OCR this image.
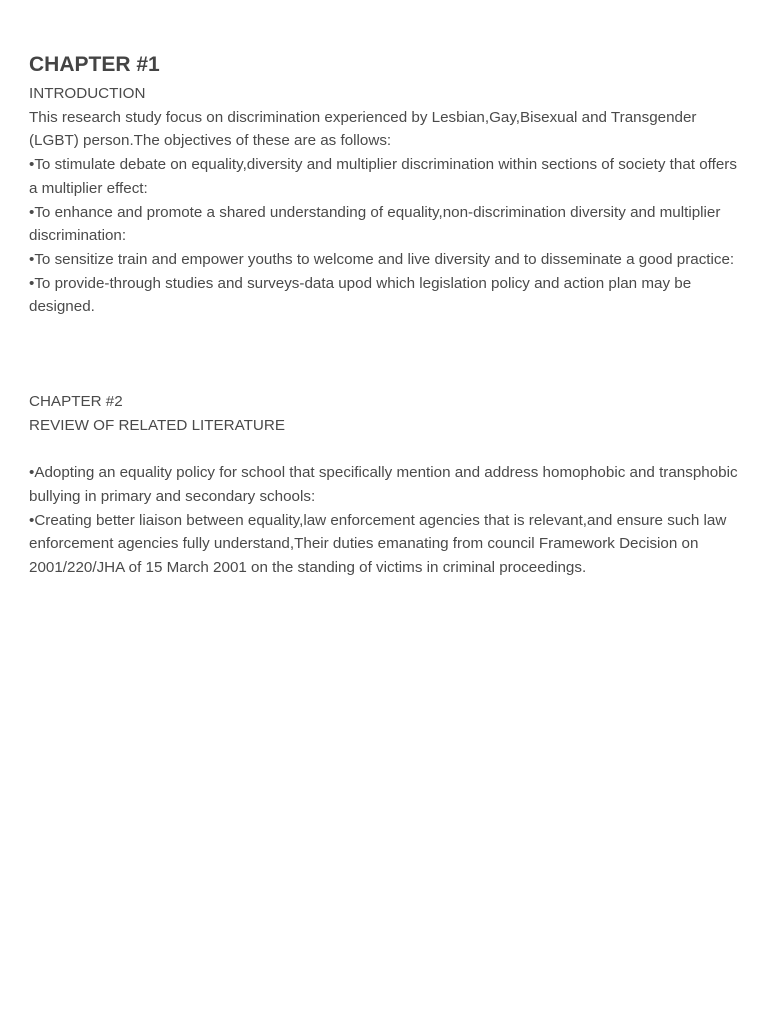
CHAPTER #1

INTRODUCTION

This research study focus on discrimination experienced by Lesbian,Gay,Bisexual and Transgender (LGBT) person.The objectives of these are as follows:

•To stimulate debate on equality,diversity and multiplier discrimination within sections of society that offers a multiplier effect:

•To enhance and promote a shared understanding of equality,non-discrimination diversity and multiplier discrimination:

•To sensitize train and empower youths to welcome and live diversity and to disseminate a good practice:

•To provide-through studies and surveys-data upod which legislation policy and action plan may be designed.

CHAPTER #2

REVIEW OF RELATED LITERATURE

•Adopting an equality policy for school that specifically mention and address homophobic and transphobic bullying in primary and secondary schools:

•Creating better liaison between equality,law enforcement agencies that is relevant,and ensure such law enforcement agencies fully understand,Their duties emanating from council Framework Decision on 2001/220/JHA of 15 March 2001 on the standing of victims in criminal proceedings.
